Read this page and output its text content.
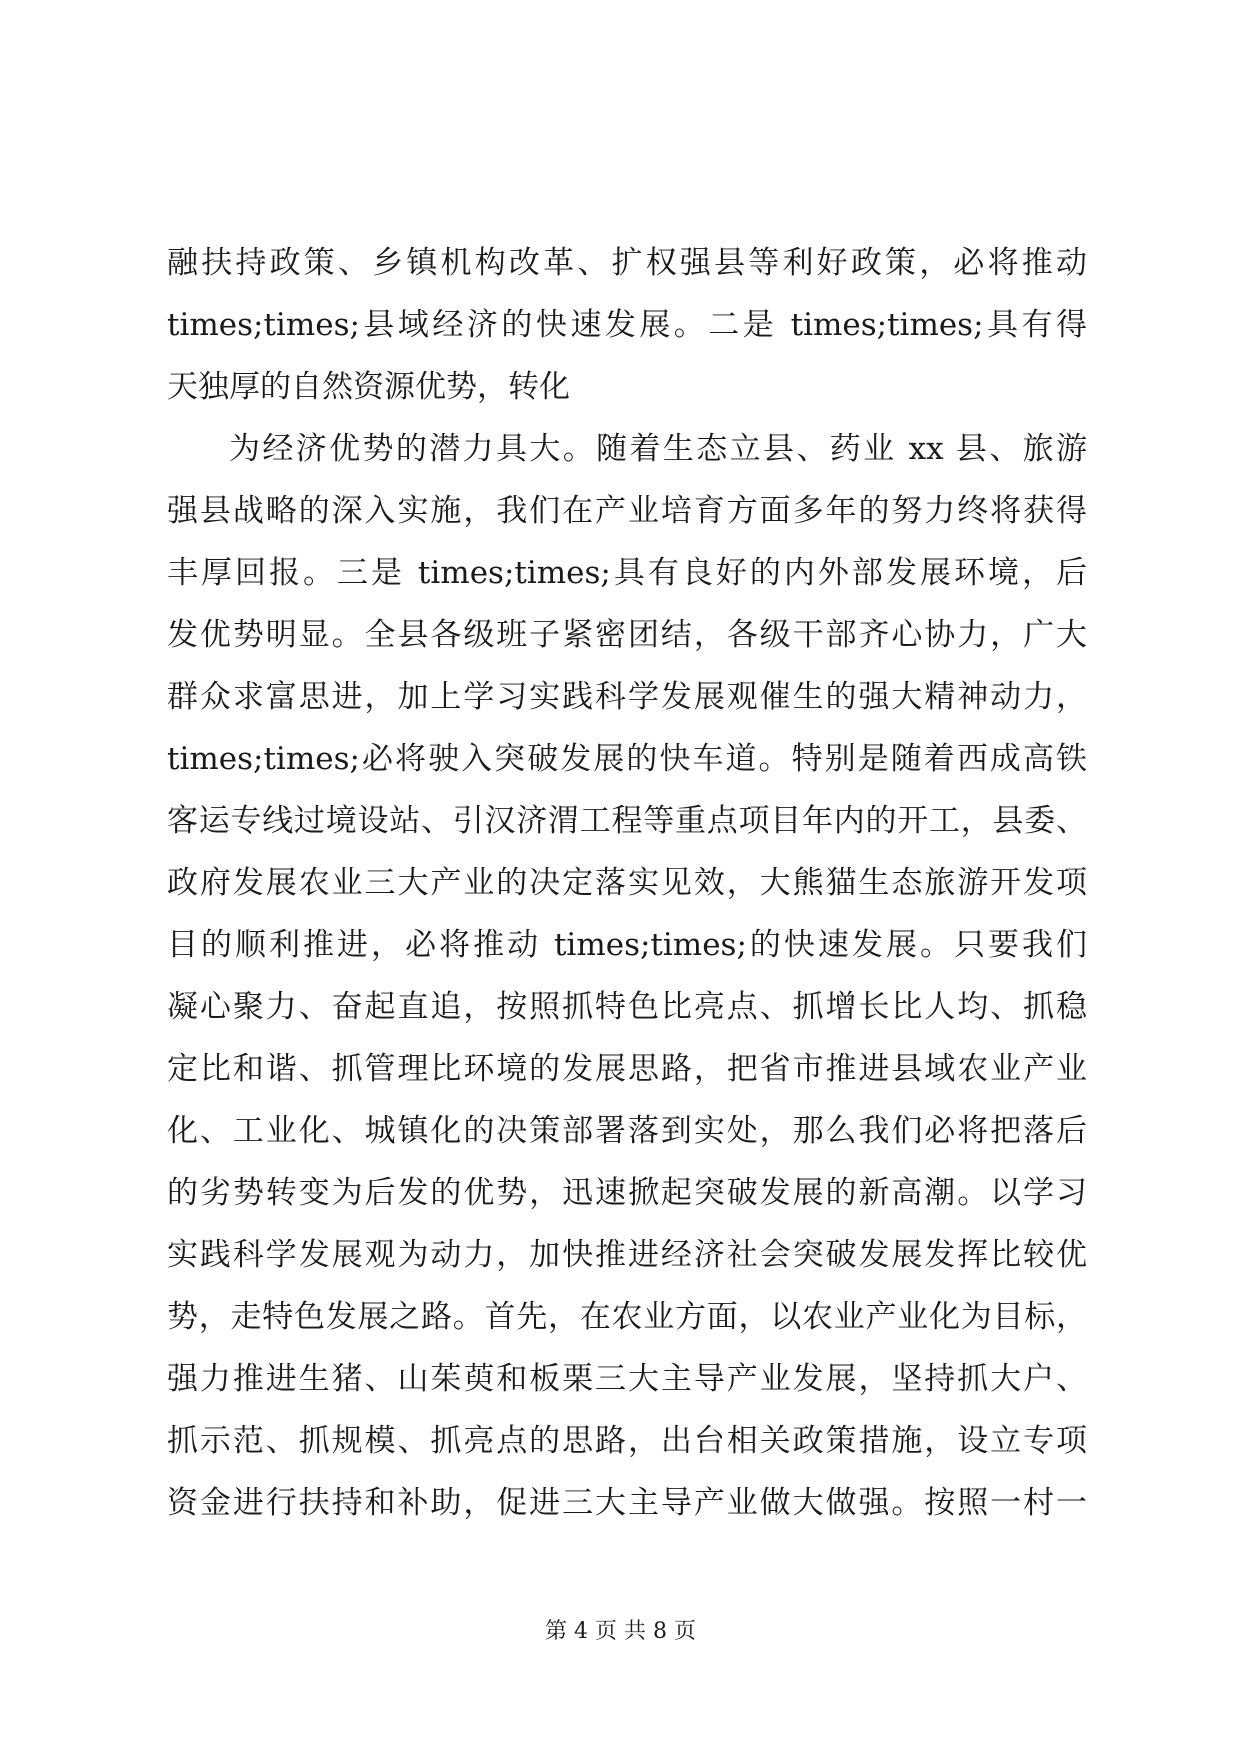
融扶持政策、乡镇机构改革、扩权强县等利好政策，必将推动
times;times;县域经济的快速发展。二是 times;times;具有得
天独厚的自然资源优势，转化
为经济优势的潜力具大。随着生态立县、药业 xx 县、旅游
强县战略的深入实施，我们在产业培育方面多年的努力终将获得
丰厚回报。三是 times;times;具有良好的内外部发展环境，后
发优势明显。全县各级班子紧密团结，各级干部齐心协力，广大
群众求富思进，加上学习实践科学发展观催生的强大精神动力，
times;times;必将驶入突破发展的快车道。特别是随着西成高铁
客运专线过境设站、引汉济渭工程等重点项目年内的开工，县委、
政府发展农业三大产业的决定落实见效，大熊猫生态旅游开发项
目的顺利推进，必将推动 times;times;的快速发展。只要我们
凝心聚力、奋起直追，按照抓特色比亮点、抓增长比人均、抓稳
定比和谐、抓管理比环境的发展思路，把省市推进县域农业产业
化、工业化、城镇化的决策部署落到实处，那么我们必将把落后
的劣势转变为后发的优势，迅速掀起突破发展的新高潮。以学习
实践科学发展观为动力，加快推进经济社会突破发展发挥比较优
势，走特色发展之路。首先，在农业方面，以农业产业化为目标，
强力推进生猪、山茱萸和板栗三大主导产业发展，坚持抓大户、
抓示范、抓规模、抓亮点的思路，出台相关政策措施，设立专项
资金进行扶持和补助，促进三大主导产业做大做强。按照一村一
第 4 页 共 8 页
